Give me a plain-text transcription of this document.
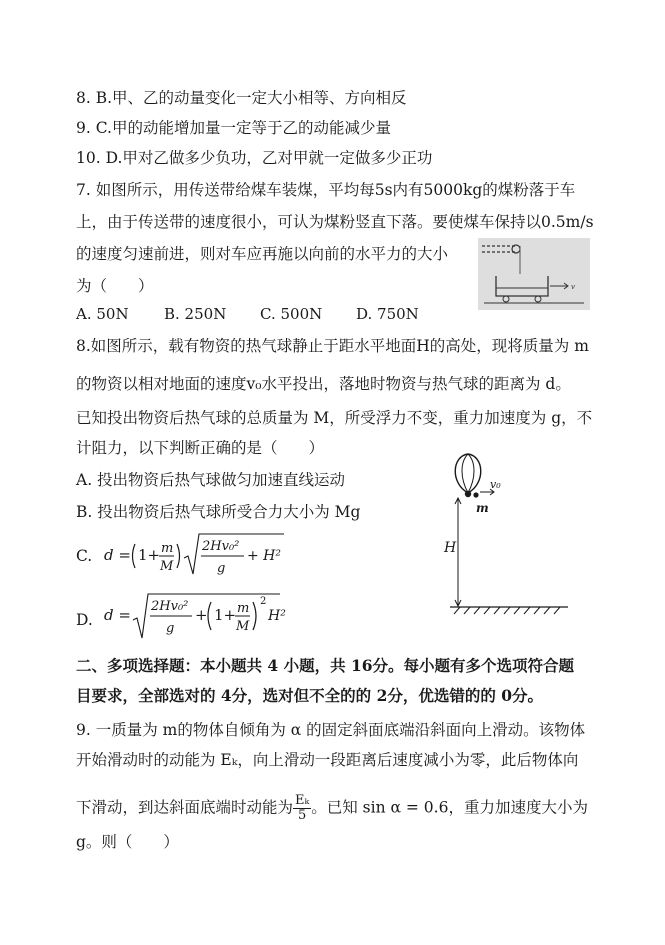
8. B.甲、乙的动量变化一定大小相等、方向相反
9. C.甲的动能增加量一定等于乙的动能减少量
10. D.甲对乙做多少负功，乙对甲就一定做多少正功
7. 如图所示，用传送带给煤车装煤，平均每5s内有5000kg的煤粉落于车
上，由于传送带的速度很小，可认为煤粉竖直下落。要使煤车保持以0.5m/s
的速度匀速前进，则对车应再施以向前的水平力的大小
为（　　）
A. 50N B. 250N C. 500N D. 750N
v
8.如图所示，载有物资的热气球静止于距水平地面H的高处，现将质量为 m
的物资以相对地面的速度v₀水平投出，落地时物资与热气球的距离为 d。
已知投出物资后热气球的总质量为 M，所受浮力不变，重力加速度为 g，不
计阻力，以下判断正确的是（　　）
A. 投出物资后热气球做匀加速直线运动
B. 投出物资后热气球所受合力大小为 Mg
C. d = 1+ m
M
2Hv₀²
g
+ H²
D. d = 2Hv₀²
g
+ 1+ m
M
2
H²
v₀
m
H
二、多项选择题：本小题共 4 小题，共 16分。每小题有多个选项符合题
目要求，全部选对的 4分，选对但不全的的 2分，优选错的的 0分。
9. 一质量为 m的物体自倾角为 α 的固定斜面底端沿斜面向上滑动。该物体
开始滑动时的动能为 Eₖ，向上滑动一段距离后速度减小为零，此后物体向
下滑动，到达斜面底端时动能为 $\frac{\text{Eₖ}}{5}$ 。已知 sin α = 0.6，重力加速度大小为
g。则（　　）
